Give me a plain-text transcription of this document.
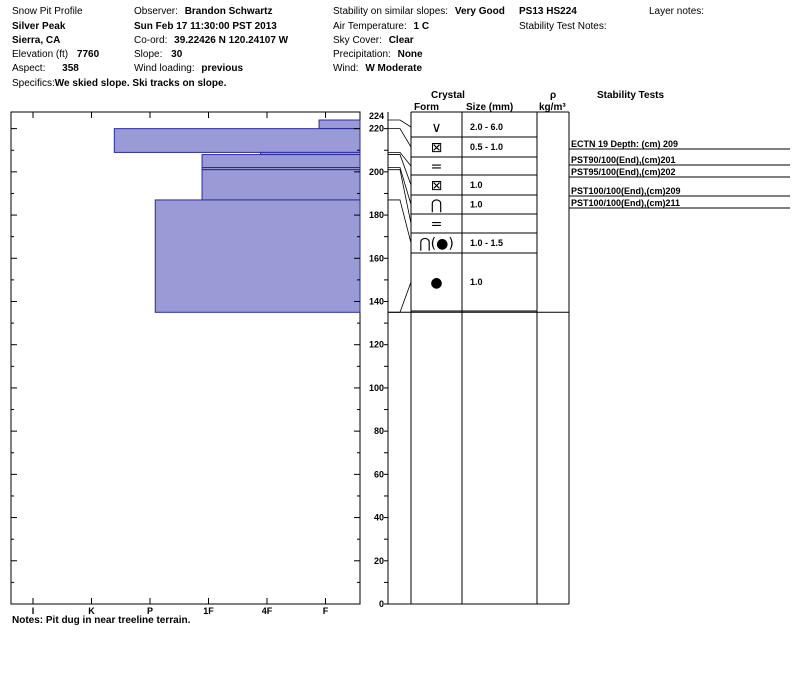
Snow Pit Profile
Silver Peak
Sierra, CA
Elevation (ft) 7760
Aspect: 358
Specifics:We skied slope. Ski tracks on slope.
Observer: Brandon Schwartz
Sun Feb 17 11:30:00 PST 2013
Co-ord: 39.22426 N 120.24107 W
Slope: 30
Wind loading: previous
Stability on similar slopes: Very Good
Air Temperature: 1 C
Sky Cover: Clear
Precipitation: None
Wind: W Moderate
PS13 HS224
Stability Test Notes:
Layer notes:
Crystal
Form	Size (mm)
ρ
kg/m³
Stability Tests
I	K	P	1F	4F	F
0
20
40
60
80
100
120
140
160
180
200
220
224
∨	2.0 - 6.0
⊠	0.5 - 1.0
=
⊠	1.0
⋂	1.0
=
⋂(●) 1.0 - 1.5
●	1.0
ECTN 19 Depth: (cm) 209
PST90/100(End),(cm)201
PST95/100(End),(cm)202
PST100/100(End),(cm)209
PST100/100(End),(cm)211
Notes: Pit dug in near treeline terrain.
